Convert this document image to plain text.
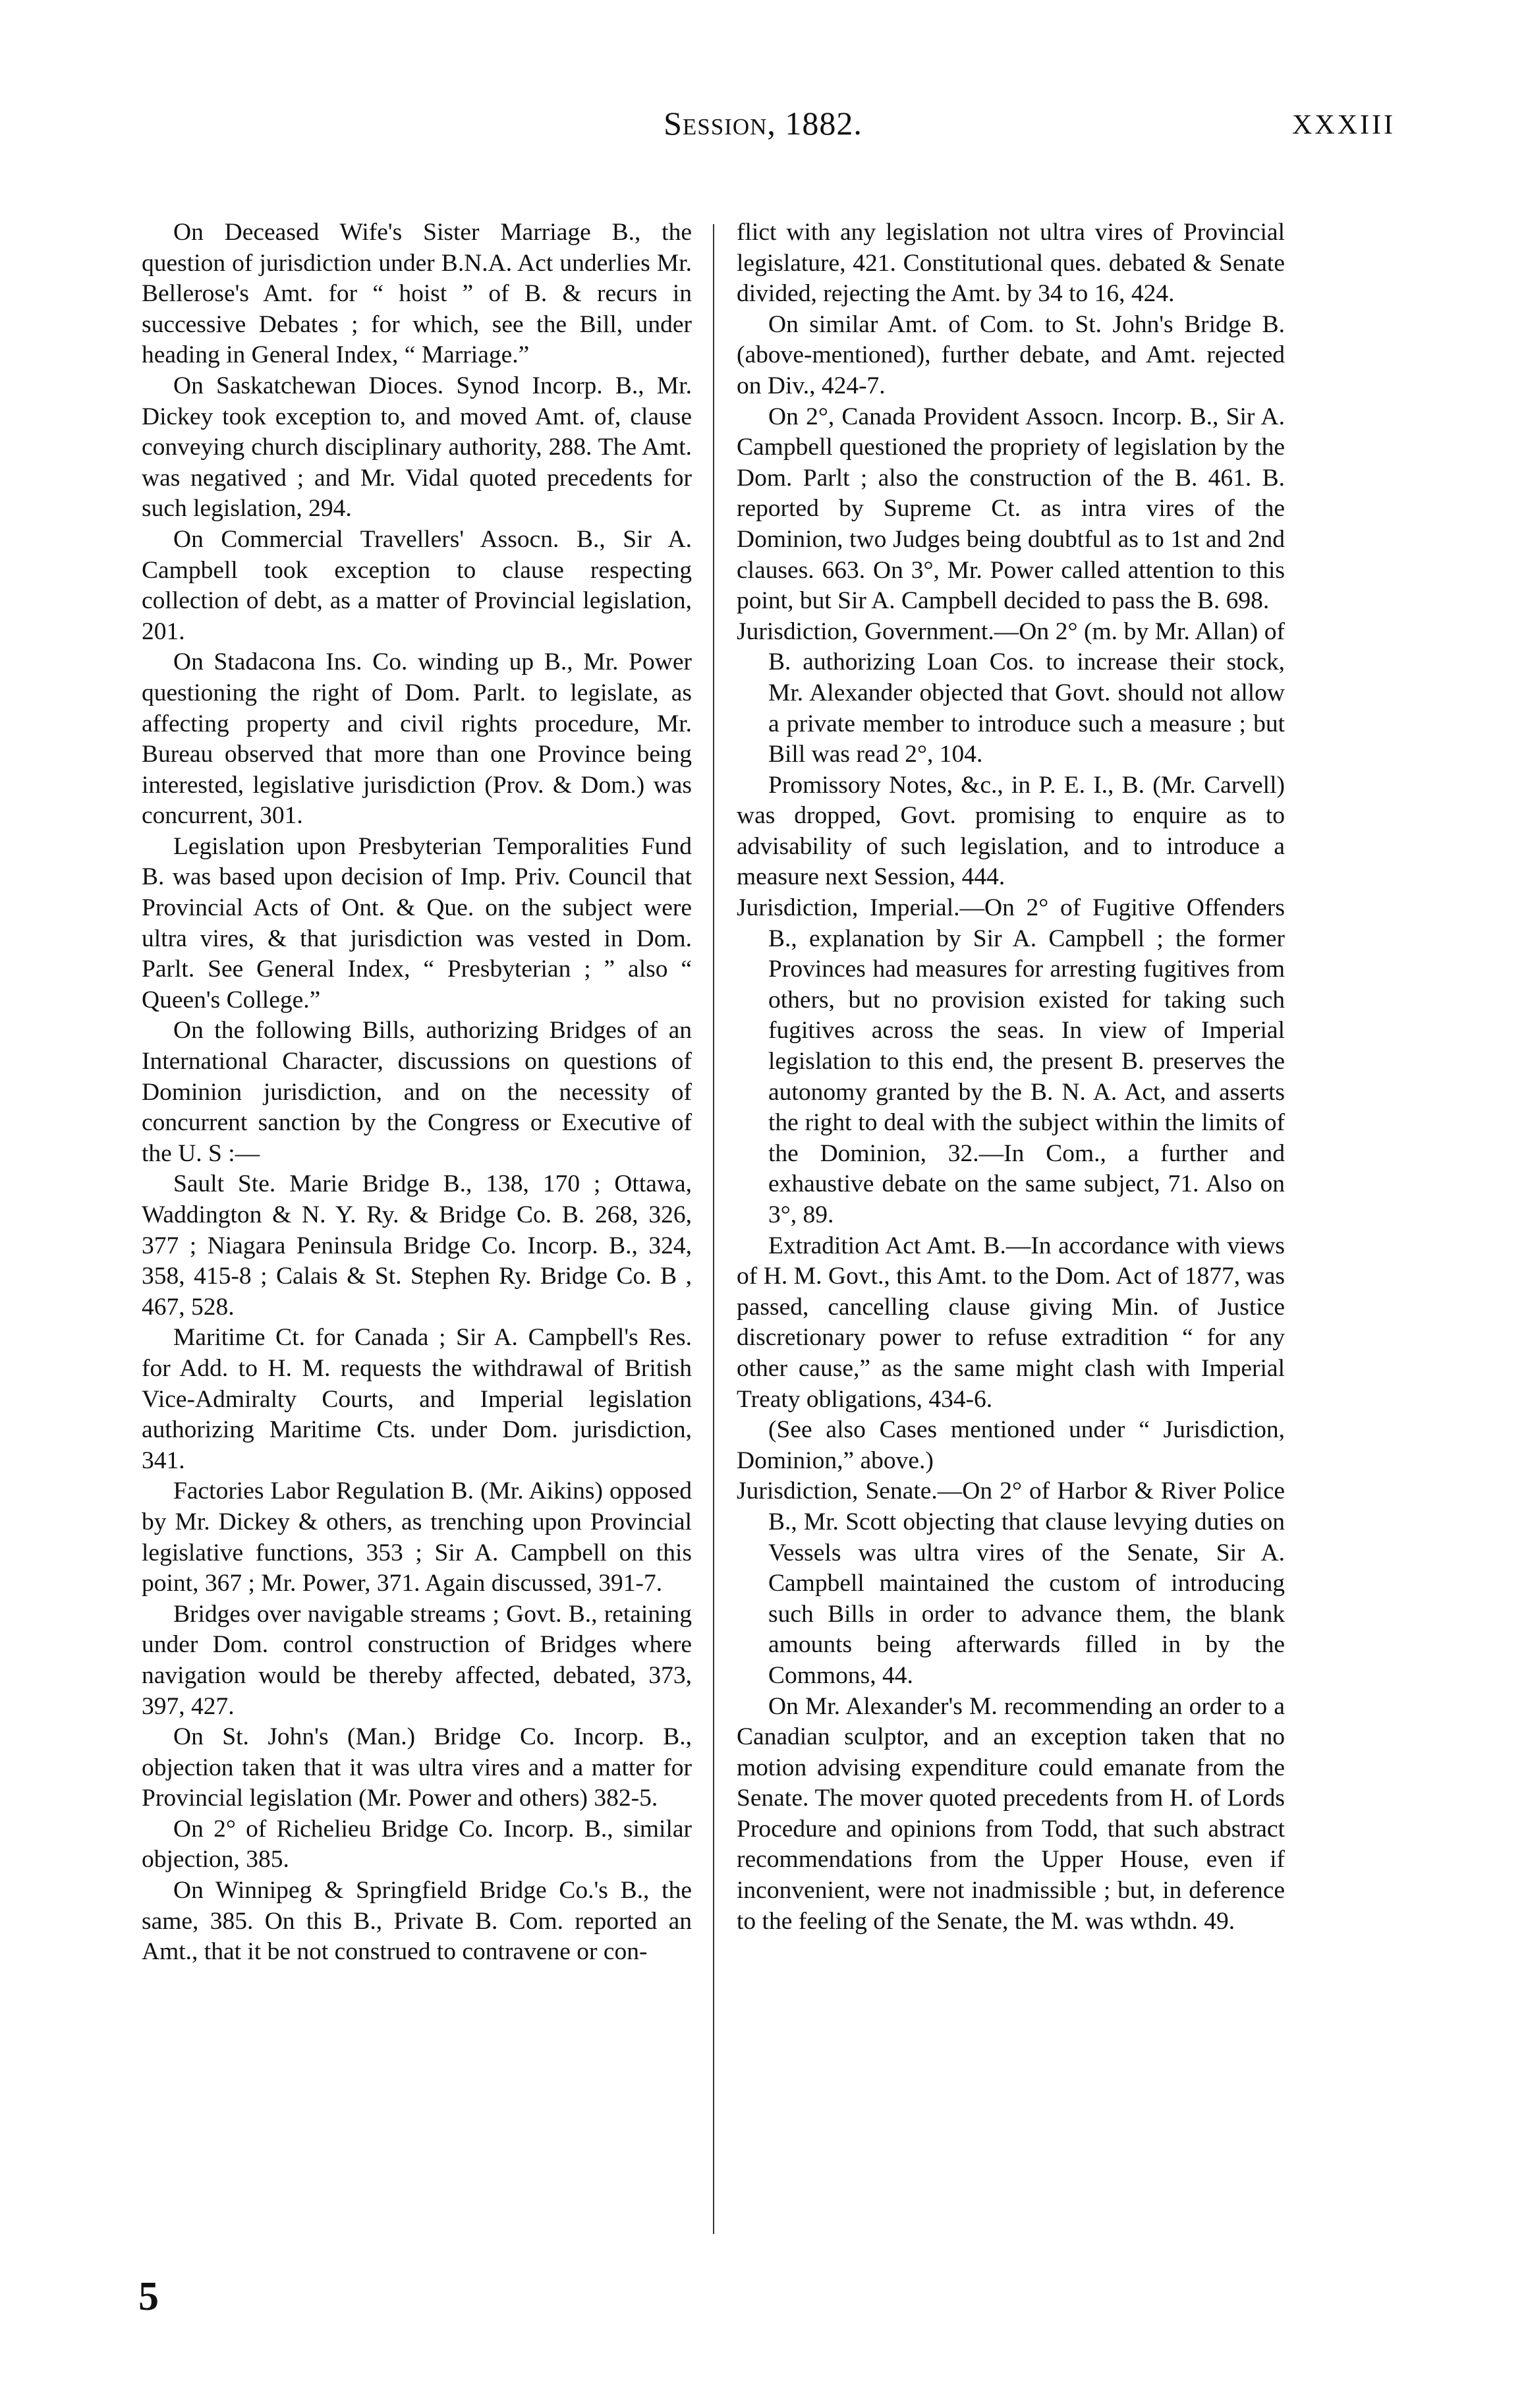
Session, 1882.	XXXIII

On Deceased Wife's Sister Marriage B., the question of jurisdiction under B.N.A. Act underlies Mr. Bellerose's Amt. for “ hoist ” of B. & recurs in successive Debates ; for which, see the Bill, under heading in General Index, “ Marriage.”

On Saskatchewan Dioces. Synod Incorp. B., Mr. Dickey took exception to, and moved Amt. of, clause conveying church disciplinary authority, 288. The Amt. was negatived ; and Mr. Vidal quoted precedents for such legislation, 294.

On Commercial Travellers' Assocn. B., Sir A. Campbell took exception to clause respecting collection of debt, as a matter of Provincial legislation, 201.

On Stadacona Ins. Co. winding up B., Mr. Power questioning the right of Dom. Parlt. to legislate, as affecting property and civil rights procedure, Mr. Bureau observed that more than one Province being interested, legislative jurisdiction (Prov. & Dom.) was concurrent, 301.

Legislation upon Presbyterian Temporalities Fund B. was based upon decision of Imp. Priv. Council that Provincial Acts of Ont. & Que. on the subject were ultra vires, & that jurisdiction was vested in Dom. Parlt. See General Index, “ Presbyterian ; ” also “ Queen's College.”

On the following Bills, authorizing Bridges of an International Character, discussions on questions of Dominion jurisdiction, and on the necessity of concurrent sanction by the Congress or Executive of the U. S :—

Sault Ste. Marie Bridge B., 138, 170 ; Ottawa, Waddington & N. Y. Ry. & Bridge Co. B. 268, 326, 377 ; Niagara Peninsula Bridge Co. Incorp. B., 324, 358, 415-8 ; Calais & St. Stephen Ry. Bridge Co. B , 467, 528.

Maritime Ct. for Canada ; Sir A. Campbell's Res. for Add. to H. M. requests the withdrawal of British Vice-Admiralty Courts, and Imperial legislation authorizing Maritime Cts. under Dom. jurisdiction, 341.

Factories Labor Regulation B. (Mr. Aikins) opposed by Mr. Dickey & others, as trenching upon Provincial legislative functions, 353 ; Sir A. Campbell on this point, 367 ; Mr. Power, 371. Again discussed, 391-7.

Bridges over navigable streams ; Govt. B., retaining under Dom. control construction of Bridges where navigation would be thereby affected, debated, 373, 397, 427.

On St. John's (Man.) Bridge Co. Incorp. B., objection taken that it was ultra vires and a matter for Provincial legislation (Mr. Power and others) 382-5.

On 2° of Richelieu Bridge Co. Incorp. B., similar objection, 385.

On Winnipeg & Springfield Bridge Co.'s B., the same, 385. On this B., Private B. Com. reported an Amt., that it be not construed to contravene or con-

flict with any legislation not ultra vires of Provincial legislature, 421. Constitutional ques. debated & Senate divided, rejecting the Amt. by 34 to 16, 424.

On similar Amt. of Com. to St. John's Bridge B. (above-mentioned), further debate, and Amt. rejected on Div., 424-7.

On 2°, Canada Provident Assocn. Incorp. B., Sir A. Campbell questioned the propriety of legislation by the Dom. Parlt ; also the construction of the B. 461. B. reported by Supreme Ct. as intra vires of the Dominion, two Judges being doubtful as to 1st and 2nd clauses. 663. On 3°, Mr. Power called attention to this point, but Sir A. Campbell decided to pass the B. 698.

Jurisdiction, Government.—On 2° (m. by Mr. Allan) of B. authorizing Loan Cos. to increase their stock, Mr. Alexander objected that Govt. should not allow a private member to introduce such a measure ; but Bill was read 2°, 104.

Promissory Notes, &c., in P. E. I., B. (Mr. Carvell) was dropped, Govt. promising to enquire as to advisability of such legislation, and to introduce a measure next Session, 444.

Jurisdiction, Imperial.—On 2° of Fugitive Offenders B., explanation by Sir A. Campbell ; the former Provinces had measures for arresting fugitives from others, but no provision existed for taking such fugitives across the seas. In view of Imperial legislation to this end, the present B. preserves the autonomy granted by the B. N. A. Act, and asserts the right to deal with the subject within the limits of the Dominion, 32.—In Com., a further and exhaustive debate on the same subject, 71. Also on 3°, 89.

Extradition Act Amt. B.—In accordance with views of H. M. Govt., this Amt. to the Dom. Act of 1877, was passed, cancelling clause giving Min. of Justice discretionary power to refuse extradition “ for any other cause,” as the same might clash with Imperial Treaty obligations, 434-6.

(See also Cases mentioned under “ Jurisdiction, Dominion,” above.)

Jurisdiction, Senate.—On 2° of Harbor & River Police B., Mr. Scott objecting that clause levying duties on Vessels was ultra vires of the Senate, Sir A. Campbell maintained the custom of introducing such Bills in order to advance them, the blank amounts being afterwards filled in by the Commons, 44.

On Mr. Alexander's M. recommending an order to a Canadian sculptor, and an exception taken that no motion advising expenditure could emanate from the Senate. The mover quoted precedents from H. of Lords Procedure and opinions from Todd, that such abstract recommendations from the Upper House, even if inconvenient, were not inadmissible ; but, in deference to the feeling of the Senate, the M. was wthdn. 49.

5
